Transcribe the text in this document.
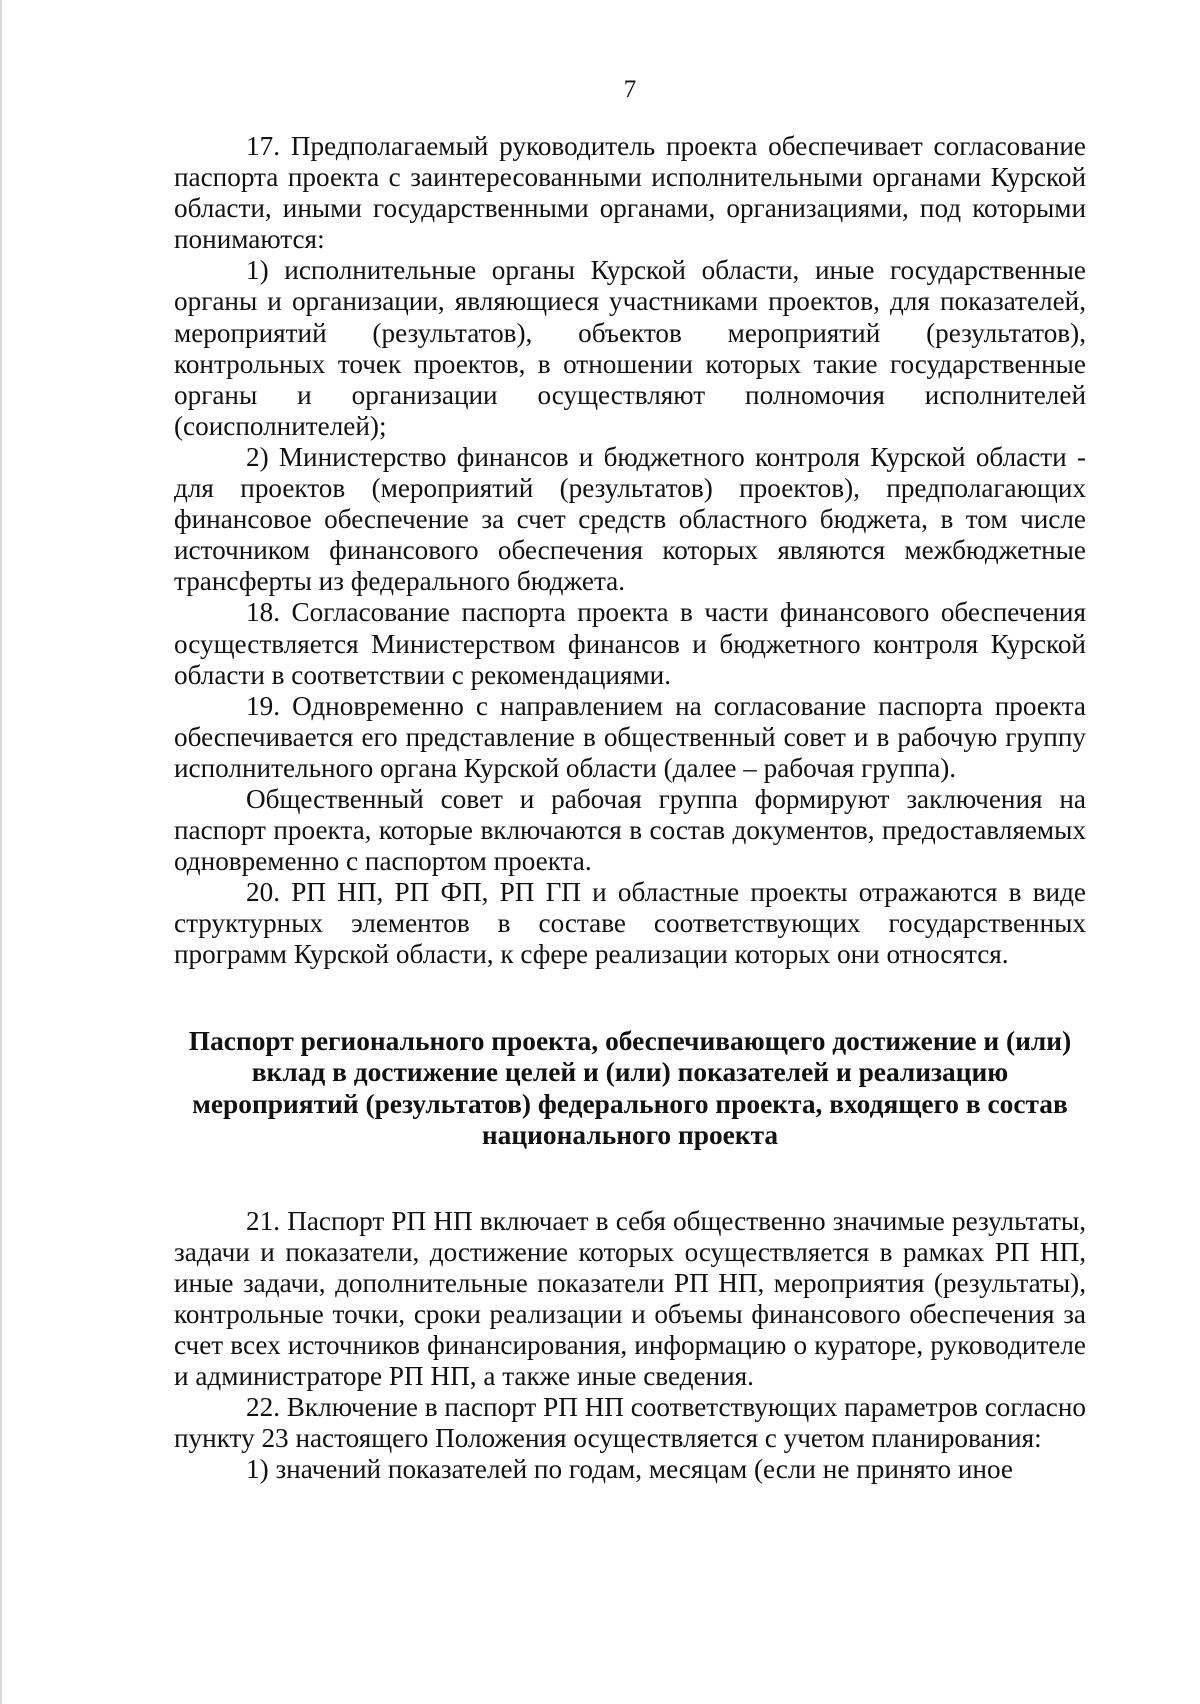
7

17. Предполагаемый руководитель проекта обеспечивает согласование паспорта проекта с заинтересованными исполнительными органами Курской области, иными государственными органами, организациями, под которыми понимаются:

1) исполнительные органы Курской области, иные государственные органы и организации, являющиеся участниками проектов, для показателей, мероприятий (результатов), объектов мероприятий (результатов), контрольных точек проектов, в отношении которых такие государственные органы и организации осуществляют полномочия исполнителей (соисполнителей);

2) Министерство финансов и бюджетного контроля Курской области - для проектов (мероприятий (результатов) проектов), предполагающих финансовое обеспечение за счет средств областного бюджета, в том числе источником финансового обеспечения которых являются межбюджетные трансферты из федерального бюджета.

18. Согласование паспорта проекта в части финансового обеспечения осуществляется Министерством финансов и бюджетного контроля Курской области в соответствии с рекомендациями.

19. Одновременно с направлением на согласование паспорта проекта обеспечивается его представление в общественный совет и в рабочую группу исполнительного органа Курской области (далее – рабочая группа).

Общественный совет и рабочая группа формируют заключения на паспорт проекта, которые включаются в состав документов, предоставляемых одновременно с паспортом проекта.

20. РП НП, РП ФП, РП ГП и областные проекты отражаются в виде структурных элементов в составе соответствующих государственных программ Курской области, к сфере реализации которых они относятся.

Паспорт регионального проекта, обеспечивающего достижение и (или) вклад в достижение целей и (или) показателей и реализацию мероприятий (результатов) федерального проекта, входящего в состав национального проекта

21. Паспорт РП НП включает в себя общественно значимые результаты, задачи и показатели, достижение которых осуществляется в рамках РП НП, иные задачи, дополнительные показатели РП НП, мероприятия (результаты), контрольные точки, сроки реализации и объемы финансового обеспечения за счет всех источников финансирования, информацию о кураторе, руководителе и администраторе РП НП, а также иные сведения.

22. Включение в паспорт РП НП соответствующих параметров согласно пункту 23 настоящего Положения осуществляется с учетом планирования:

1) значений показателей по годам, месяцам (если не принято иное
